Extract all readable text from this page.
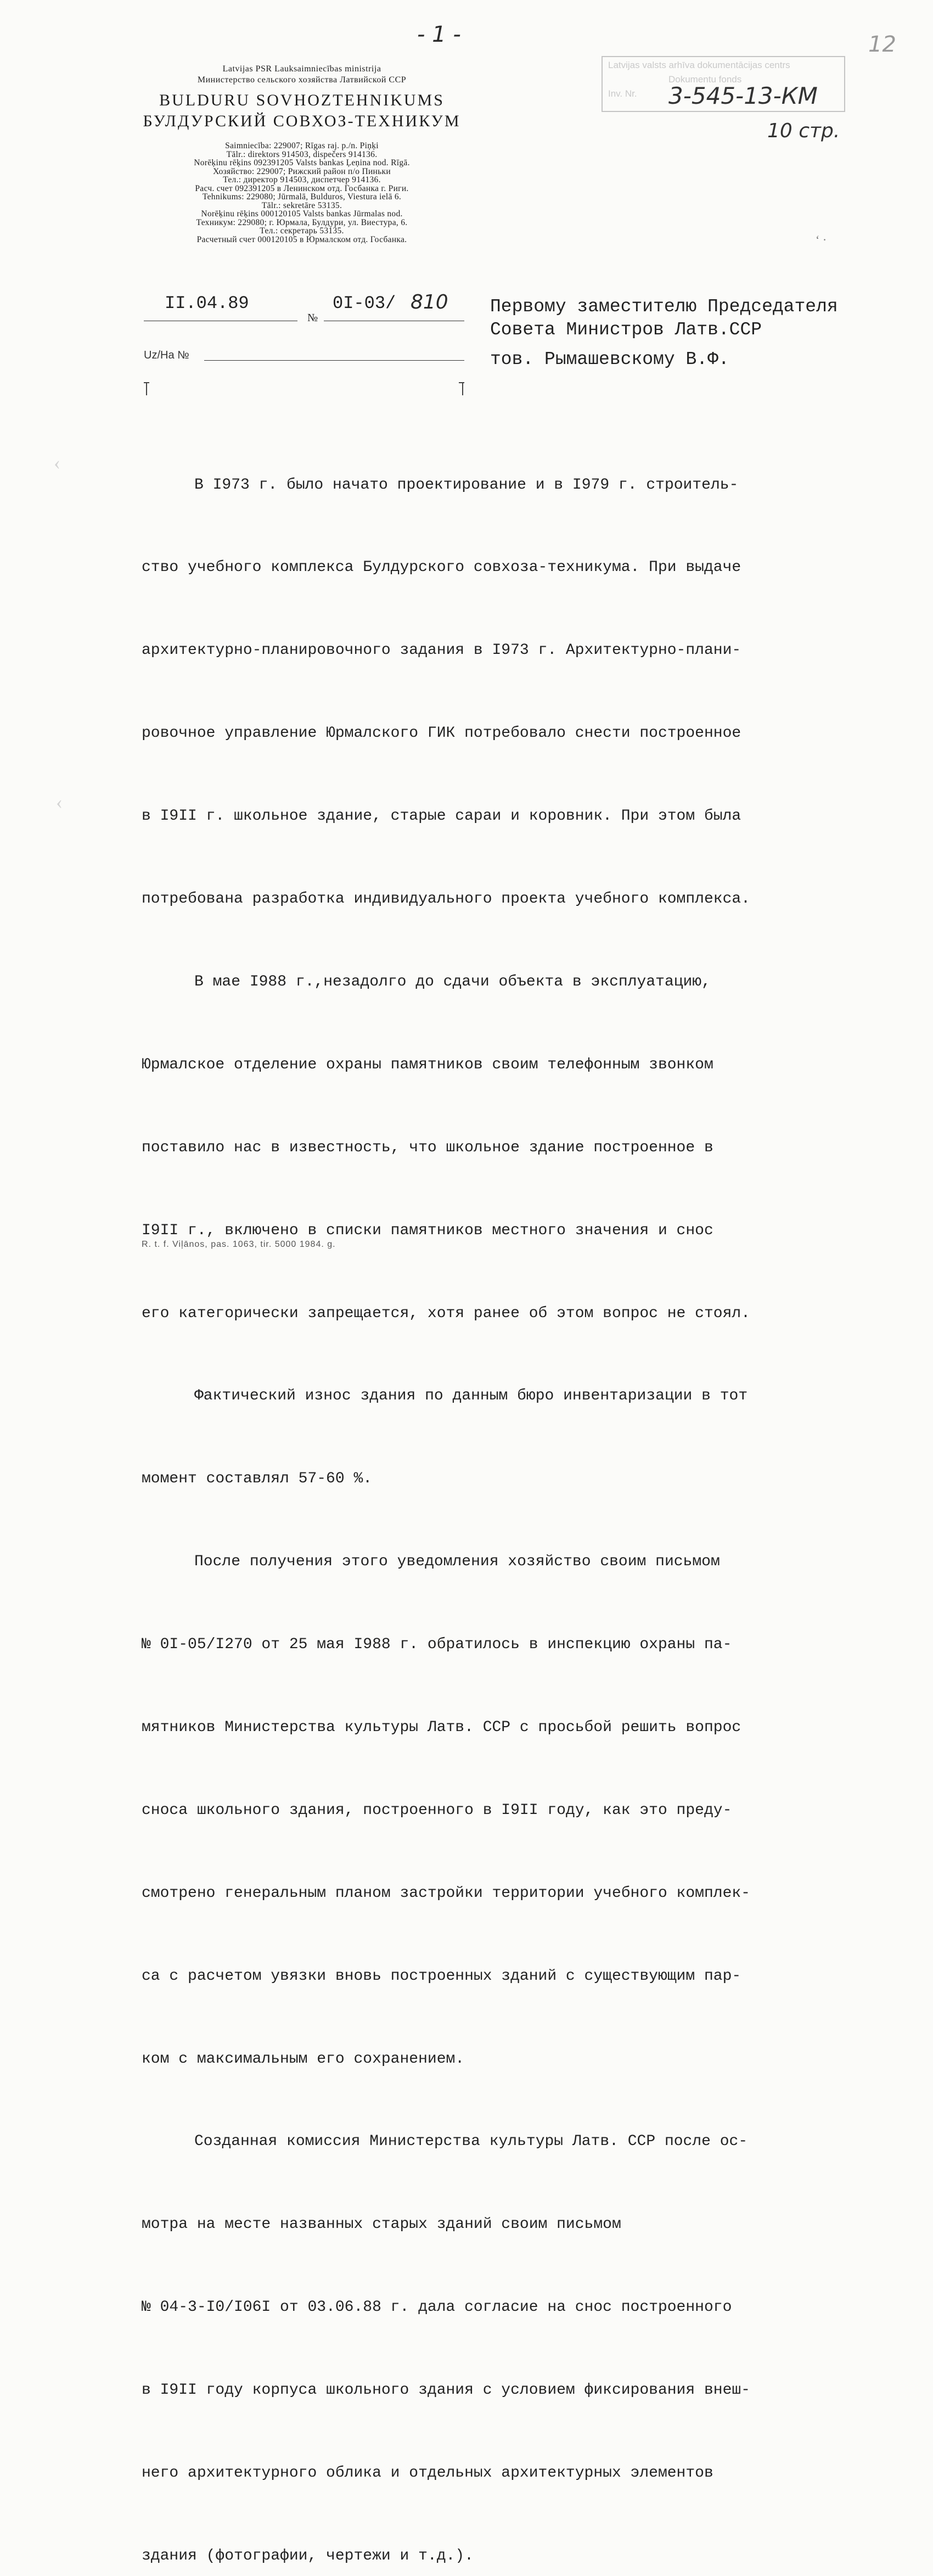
- 1 -	12
Latvijas valsts arhīva dokumentācijas centrs
Dokumentu fonds
Inv. Nr.	3-545-13-КМ
10 стр.
Latvijas PSR Lauksaimniecības ministrija
Министерство сельского хозяйства Латвийской ССР
BULDURU SOVHOZTEHNIKUMS
БУЛДУРСКИЙ СОВХОЗ-ТЕХНИКУМ
Saimniecība: 229007; Rīgas raj. p./n. Piņķi
Tālr.: direktors 914503, dispečers 914136.
Norēķinu rēķins 092391205 Valsts bankas Ļeņina nod. Rīgā.
Хозяйство: 229007; Рижский район п/о Пиньки
Тел.: директор 914503, диспетчер 914136.
Расч. счет 092391205 в Ленинском отд. Госбанка г. Риги.
Tehnikums: 229080; Jūrmalā, Bulduros, Viestura ielā 6.
Tālr.: sekretāre 53135.
Norēķinu rēķins 000120105 Valsts bankas Jūrmalas nod.
Техникум: 229080; г. Юрмала, Булдури, ул. Виестура, 6.
Тел.: секретарь 53135.
Расчетный счет 000120105 в Юрмалском отд. Госбанка.
II.04.89
№
0I-03/ 810
Uz/На №
Первому заместителю Председателя
Совета Министров Латв.ССР
тов. Рымашевскому В.Ф.
‹
‹

В I973 г. было начато проектирование и в I979 г. строитель-

ство учебного комплекса Булдурского совхоза-техникума. При выдаче

архитектурно-планировочного задания в I973 г. Архитектурно-плани-

ровочное управление Юрмалского ГИК потребовало снести построенное

в I9II г. школьное здание, старые сараи и коровник. При этом была

потребована разработка индивидуального проекта учебного комплекса.

В мае I988 г.,незадолго до сдачи объекта в эксплуатацию,

Юрмалское отделение охраны памятников своим телефонным звонком

поставило нас в известность, что школьное здание построенное в

I9II г., включено в списки памятников местного значения и снос

его категорически запрещается, хотя ранее об этом вопрос не стоял.

Фактический износ здания по данным бюро инвентаризации в тот

момент составлял 57-60 %.

После получения этого уведомления хозяйство своим письмом

№ 0I-05/I270 от 25 мая I988 г. обратилось в инспекцию охраны па-

мятников Министерства культуры Латв. ССР с просьбой решить вопрос

сноса школьного здания, построенного в I9II году, как это преду-

смотрено генеральным планом застройки территории учебного комплек-

са с расчетом увязки вновь построенных зданий с существующим пар-

ком с максимальным его сохранением.

Созданная комиссия Министерства культуры Латв. ССР после ос-

мотра на месте названных старых зданий своим письмом

№ 04-3-I0/I06I от 03.06.88 г. дала согласие на снос построенного

в I9II году корпуса школьного здания с условием фиксирования внеш-

него архитектурного облика и отдельных архитектурных элементов

здания (фотографии, чертежи и т.д.).

‘ ·
R. t. f. Viļānos, pas. 1063, tir. 5000 1984. g.
